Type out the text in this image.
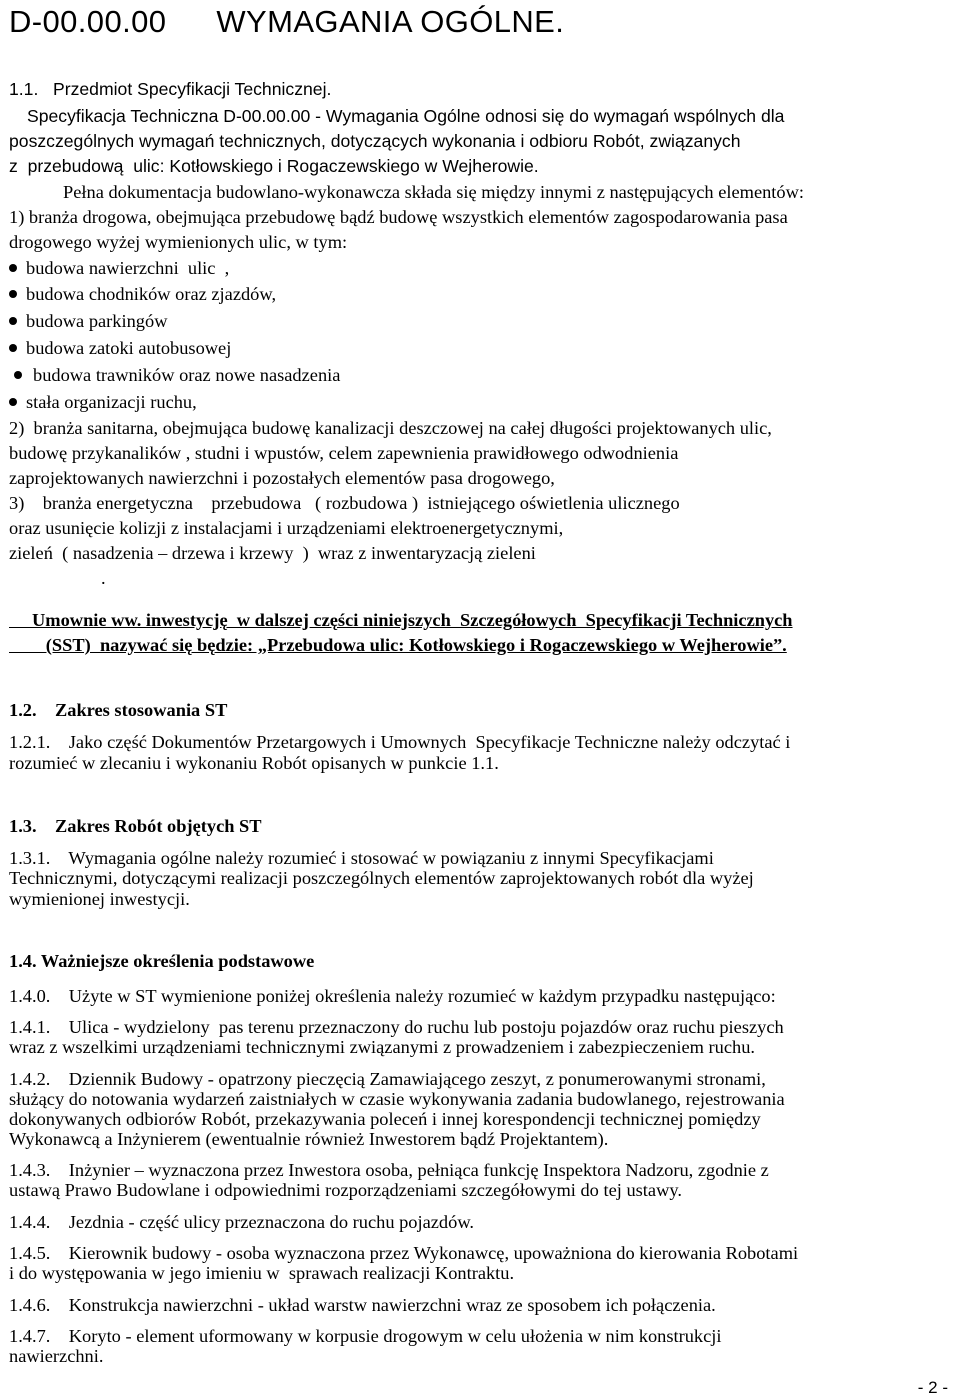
D-00.00.00 WYMAGANIA OGÓLNE.
1.1.   Przedmiot Specyfikacji Technicznej.
Specyfikacja Techniczna D-00.00.00 - Wymagania Ogólne odnosi się do wymagań wspólnych dla
poszczególnych wymagań technicznych, dotyczących wykonania i odbioru Robót, związanych
z  przebudową  ulic: Kotłowskiego i Rogaczewskiego w Wejherowie.
Pełna dokumentacja budowlano-wykonawcza składa się między innymi z następujących elementów:
1) branża drogowa, obejmująca przebudowę bądź budowę wszystkich elementów zagospodarowania pasa
drogowego wyżej wymienionych ulic, w tym:
budowa nawierzchni  ulic  ,
budowa chodników oraz zjazdów,
budowa parkingów
budowa zatoki autobusowej
budowa trawników oraz nowe nasadzenia
stała organizacji ruchu,
2)  branża sanitarna, obejmująca budowę kanalizacji deszczowej na całej długości projektowanych ulic,
budowę przykanalików , studni i wpustów, celem zapewnienia prawidłowego odwodnienia
zaprojektowanych nawierzchni i pozostałych elementów pasa drogowego,
3)    branża energetyczna    przebudowa   ( rozbudowa )  istniejącego oświetlenia ulicznego
oraz usunięcie kolizji z instalacjami i urządzeniami elektroenergetycznymi,
zieleń  ( nasadzenia – drzewa i krzewy  )  wraz z inwentaryzacją zieleni
.
Umownie ww. inwestycję  w dalszej części niniejszych  Szczegółowych  Specyfikacji Technicznych
(SST)  nazywać się będzie: „Przebudowa ulic: Kotłowskiego i Rogaczewskiego w Wejherowie”.
1.2.    Zakres stosowania ST
1.2.1.    Jako część Dokumentów Przetargowych i Umownych  Specyfikacje Techniczne należy odczytać i
rozumieć w zlecaniu i wykonaniu Robót opisanych w punkcie 1.1.
1.3.    Zakres Robót objętych ST
1.3.1.    Wymagania ogólne należy rozumieć i stosować w powiązaniu z innymi Specyfikacjami
Technicznymi, dotyczącymi realizacji poszczególnych elementów zaprojektowanych robót dla wyżej
wymienionej inwestycji.
1.4. Ważniejsze określenia podstawowe
1.4.0.    Użyte w ST wymienione poniżej określenia należy rozumieć w każdym przypadku następująco:
1.4.1.    Ulica - wydzielony  pas terenu przeznaczony do ruchu lub postoju pojazdów oraz ruchu pieszych
wraz z wszelkimi urządzeniami technicznymi związanymi z prowadzeniem i zabezpieczeniem ruchu.
1.4.2.    Dziennik Budowy - opatrzony pieczęcią Zamawiającego zeszyt, z ponumerowanymi stronami,
służący do notowania wydarzeń zaistniałych w czasie wykonywania zadania budowlanego, rejestrowania
dokonywanych odbiorów Robót, przekazywania poleceń i innej korespondencji technicznej pomiędzy
Wykonawcą a Inżynierem (ewentualnie również Inwestorem bądź Projektantem).
1.4.3.    Inżynier – wyznaczona przez Inwestora osoba, pełniąca funkcję Inspektora Nadzoru, zgodnie z
ustawą Prawo Budowlane i odpowiednimi rozporządzeniami szczegółowymi do tej ustawy.
1.4.4.    Jezdnia - część ulicy przeznaczona do ruchu pojazdów.
1.4.5.    Kierownik budowy - osoba wyznaczona przez Wykonawcę, upoważniona do kierowania Robotami
i do występowania w jego imieniu w  sprawach realizacji Kontraktu.
1.4.6.    Konstrukcja nawierzchni - układ warstw nawierzchni wraz ze sposobem ich połączenia.
1.4.7.    Koryto - element uformowany w korpusie drogowym w celu ułożenia w nim konstrukcji
nawierzchni.
- 2 -
